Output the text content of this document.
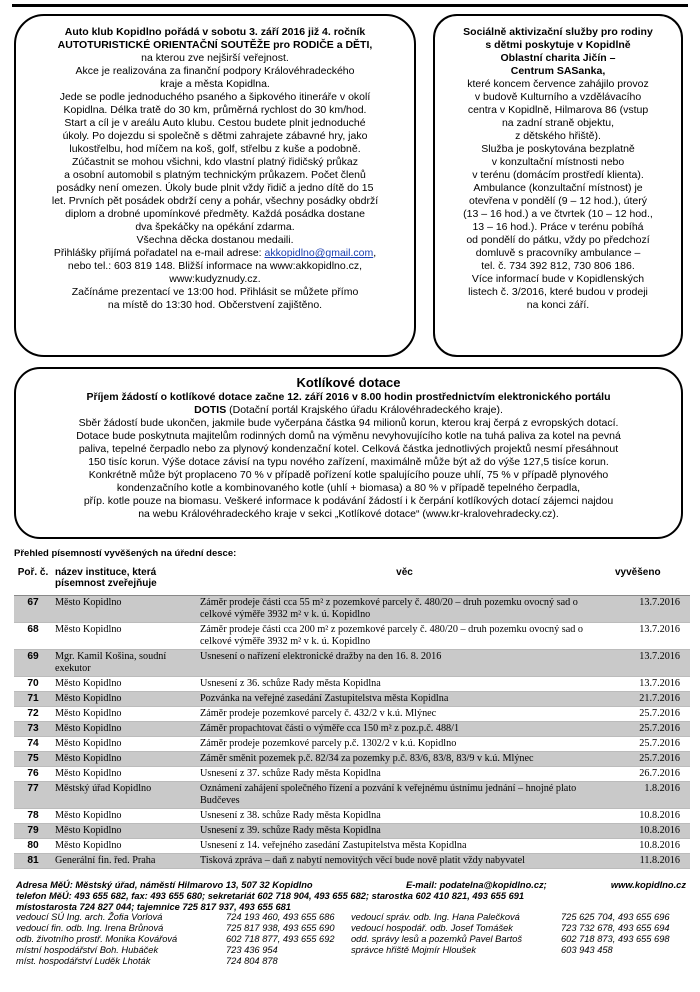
Auto klub Kopidlno pořádá v sobotu 3. září 2016 již 4. ročník

AUTOTURISTICKÉ ORIENTAČNÍ SOUTĚŽE pro RODIČE a DĚTI,

na kterou zve nejširší veřejnost.

Akce je realizována za finanční podpory Královéhradeckého

kraje a města Kopidlna.

Jede se podle jednoduchého psaného a šipkového itineráře v okolí

Kopidlna. Délka tratě do 30 km, průměrná rychlost do 30 km/hod.

Start a cíl je v areálu Auto klubu. Cestou budete plnit jednoduché

úkoly. Po dojezdu si společně s dětmi zahrajete zábavné hry, jako

lukostřelbu, hod míčem na koš, golf, střelbu z kuše a podobně.

Zúčastnit se mohou všichni, kdo vlastní platný řidičský průkaz

a osobní automobil s platným technickým průkazem. Počet členů

posádky není omezen. Úkoly bude plnit vždy řidič a jedno dítě do 15

let. Prvních pět posádek obdrží ceny a pohár, všechny posádky obdrží

diplom a drobné upomínkové předměty. Každá posádka dostane

dva špekáčky na opékání zdarma.

Všechna děcka dostanou medaili.

Přihlášky přijímá pořadatel na e-mail adrese: akkopidlno@gmail.com,

nebo tel.: 603 819 148. Bližší informace na www:akkopidlno.cz,

www:kudyznudy.cz.

Začínáme prezentací ve 13:00 hod. Přihlásit se můžete přímo

na místě do 13:30 hod. Občerstvení zajištěno.

Sociálně aktivizační služby pro rodiny

s dětmi poskytuje v Kopidlně

Oblastní charita Jičín –

Centrum SASanka,

které koncem července zahájilo provoz

v budově Kulturního a vzdělávacího

centra v Kopidlně, Hilmarova 86 (vstup

na zadní straně objektu,

z dětského hřiště).

Služba je poskytována bezplatně

v konzultační místnosti nebo

v terénu (domácím prostředí klienta).

Ambulance (konzultační místnost) je

otevřena v pondělí (9 – 12 hod.), úterý

(13 – 16 hod.) a ve čtvrtek (10 – 12 hod.,

13 – 16 hod.). Práce v terénu pobíhá

od pondělí do pátku, vždy po předchozí

domluvě s pracovníky ambulance –

tel. č. 734 392 812, 730 806 186.

Více informací bude v Kopidlenských

listech č. 3/2016, které budou v prodeji

na konci září.

Kotlíkové dotace

Příjem žádostí o kotlíkové dotace začne 12. září 2016 v 8.00 hodin prostřednictvím elektronického portálu

DOTIS (Dotační portál Krajského úřadu Královéhradeckého kraje).

Sběr žádostí bude ukončen, jakmile bude vyčerpána částka 94 milionů korun, kterou kraj čerpá z evropských dotací.

Dotace bude poskytnuta majitelům rodinných domů na výměnu nevyhovujícího kotle na tuhá paliva za kotel na pevná

paliva, tepelné čerpadlo nebo za plynový kondenzační kotel. Celková částka jednotlivých projektů nesmí přesáhnout

150 tisíc korun. Výše dotace závisí na typu nového zařízení, maximálně může být až do výše 127,5 tisíce korun.

Konkrétně může být proplaceno 70 % v případě pořízení kotle spalujícího pouze uhlí, 75 % v případě plynového

kondenzačního kotle a kombinovaného kotle (uhlí + biomasa) a 80 % v případě tepelného čerpadla,

příp. kotle pouze na biomasu. Veškeré informace k podávání žádostí i k čerpání kotlíkových dotací zájemci najdou

na webu Královéhradeckého kraje v sekci „Kotlíkové dotace“ (www.kr-kralovehradecky.cz).

Přehled písemností vyvěšených na úřední desce:
Poř. č.	název instituce, která písemnost zveřejňuje	věc	vyvěšeno
67	Město Kopidlno	Záměr prodeje části cca 55 m² z pozemkové parcely č. 480/20 – druh pozemku ovocný sad o celkové výměře 3932 m² v k. ú. Kopidlno	13.7.2016
68	Město Kopidlno	Záměr prodeje části cca 200 m² z pozemkové parcely č. 480/20 – druh pozemku ovocný sad o celkové výměře 3932 m² v k. ú. Kopidlno	13.7.2016
69	Mgr. Kamil Košina, soudní exekutor	Usnesení o nařízení elektronické dražby na den 16. 8. 2016	13.7.2016
70	Město Kopidlno	Usnesení z 36. schůze Rady města Kopidlna	13.7.2016
71	Město Kopidlno	Pozvánka na veřejné zasedání Zastupitelstva města Kopidlna	21.7.2016
72	Město Kopidlno	Záměr prodeje pozemkové parcely č. 432/2 v k.ú. Mlýnec	25.7.2016
73	Město Kopidlno	Záměr propachtovat části o výměře cca 150 m² z poz.p.č. 488/1	25.7.2016
74	Město Kopidlno	Záměr prodeje pozemkové parcely p.č. 1302/2 v k.ú. Kopidlno	25.7.2016
75	Město Kopidlno	Záměr směnit pozemek p.č. 82/34 za pozemky p.č. 83/6, 83/8, 83/9 v k.ú. Mlýnec	25.7.2016
76	Město Kopidlno	Usnesení z 37. schůze Rady města Kopidlna	26.7.2016
77	Městský úřad Kopidlno	Oznámení zahájení společného řízení a pozvání k veřejnému ústnímu jednání – hnojné plato Budčeves	1.8.2016
78	Město Kopidlno	Usnesení z 38. schůze Rady města Kopidlna	10.8.2016
79	Město Kopidlno	Usnesení z 39. schůze Rady města Kopidlna	10.8.2016
80	Město Kopidlno	Usnesení z 14. veřejného zasedání Zastupitelstva města Kopidlna	10.8.2016
81	Generální fin. řed. Praha	Tisková zpráva – daň z nabytí nemovitých věcí bude nově platit vždy nabyvatel	11.8.2016
Adresa MěÚ: Městský úřad, náměstí Hilmarovo 13, 507 32 Kopidlno	E-mail: podatelna@kopidlno.cz;	www.kopidlno.cz
telefon MěÚ: 493 655 682, fax: 493 655 680; sekretariát 602 718 904, 493 655 682; starostka 602 410 821, 493 655 691
místostarosta 724 827 044; tajemnice 725 817 937, 493 655 681
vedoucí SÚ Ing. arch. Žofia Vorlová	724 193 460, 493 655 686
vedoucí fin. odb. Ing. Irena Brůnová	725 817 938, 493 655 690
odb. životního prostř. Monika Kovářová	602 718 877, 493 655 692
místní hospodářství Boh. Hubáček	723 436 954
míst. hospodářství Luděk Lhoták	724 804 878
vedoucí správ. odb. Ing. Hana Palečková	725 625 704, 493 655 696
vedoucí hospodář. odb. Josef Tomášek	723 732 678, 493 655 694
odd. správy lesů a pozemků Pavel Bartoš	602 718 873, 493 655 698
správce hřiště Mojmír Hloušek	603 943 458
